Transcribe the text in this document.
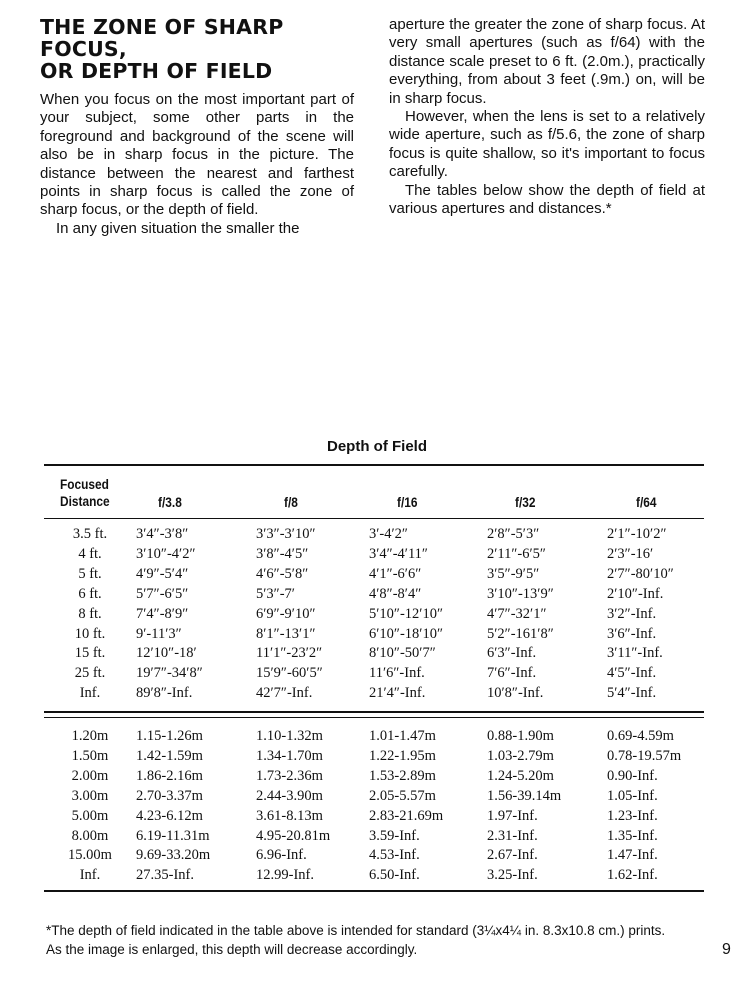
THE ZONE OF SHARP FOCUS,
OR DEPTH OF FIELD

When you focus on the most important part of your subject, some other parts in the foreground and background of the scene will also be in sharp focus in the picture. The distance between the nearest and farthest points in sharp focus is called the zone of sharp focus, or the depth of field.

In any given situation the smaller the

aperture the greater the zone of sharp focus. At very small apertures (such as f/64) with the distance scale preset to 6 ft. (2.0m.), practically everything, from about 3 feet (.9m.) on, will be in sharp focus.

However, when the lens is set to a relatively wide aperture, such as f/5.6, the zone of sharp focus is quite shallow, so it's important to focus carefully.

The tables below show the depth of field at various apertures and distances.*

Depth of Field
Focused
Distance	f/3.8	f/8	f/16	f/32	f/64
3.5 ft.	3′4″-3′8″	3′3″-3′10″	3′-4′2″	2′8″-5′3″	2′1″-10′2″
4 ft.	3′10″-4′2″	3′8″-4′5″	3′4″-4′11″	2′11″-6′5″	2′3″-16′
5 ft.	4′9″-5′4″	4′6″-5′8″	4′1″-6′6″	3′5″-9′5″	2′7″-80′10″
6 ft.	5′7″-6′5″	5′3″-7′	4′8″-8′4″	3′10″-13′9″	2′10″-Inf.
8 ft.	7′4″-8′9″	6′9″-9′10″	5′10″-12′10″	4′7″-32′1″	3′2″-Inf.
10 ft.	9′-11′3″	8′1″-13′1″	6′10″-18′10″	5′2″-161′8″	3′6″-Inf.
15 ft.	12′10″-18′	11′1″-23′2″	8′10″-50′7″	6′3″-Inf.	3′11″-Inf.
25 ft.	19′7″-34′8″	15′9″-60′5″	11′6″-Inf.	7′6″-Inf.	4′5″-Inf.
Inf.	89′8″-Inf.	42′7″-Inf.	21′4″-Inf.	10′8″-Inf.	5′4″-Inf.
1.20m	1.15-1.26m	1.10-1.32m	1.01-1.47m	0.88-1.90m	0.69-4.59m
1.50m	1.42-1.59m	1.34-1.70m	1.22-1.95m	1.03-2.79m	0.78-19.57m
2.00m	1.86-2.16m	1.73-2.36m	1.53-2.89m	1.24-5.20m	0.90-Inf.
3.00m	2.70-3.37m	2.44-3.90m	2.05-5.57m	1.56-39.14m	1.05-Inf.
5.00m	4.23-6.12m	3.61-8.13m	2.83-21.69m	1.97-Inf.	1.23-Inf.
8.00m	6.19-11.31m	4.95-20.81m	3.59-Inf.	2.31-Inf.	1.35-Inf.
15.00m	9.69-33.20m	6.96-Inf.	4.53-Inf.	2.67-Inf.	1.47-Inf.
Inf.	27.35-Inf.	12.99-Inf.	6.50-Inf.	3.25-Inf.	1.62-Inf.
*The depth of field indicated in the table above is intended for standard (3¼x4¼ in. 8.3x10.8 cm.) prints.
As the image is enlarged, this depth will decrease accordingly.	9
